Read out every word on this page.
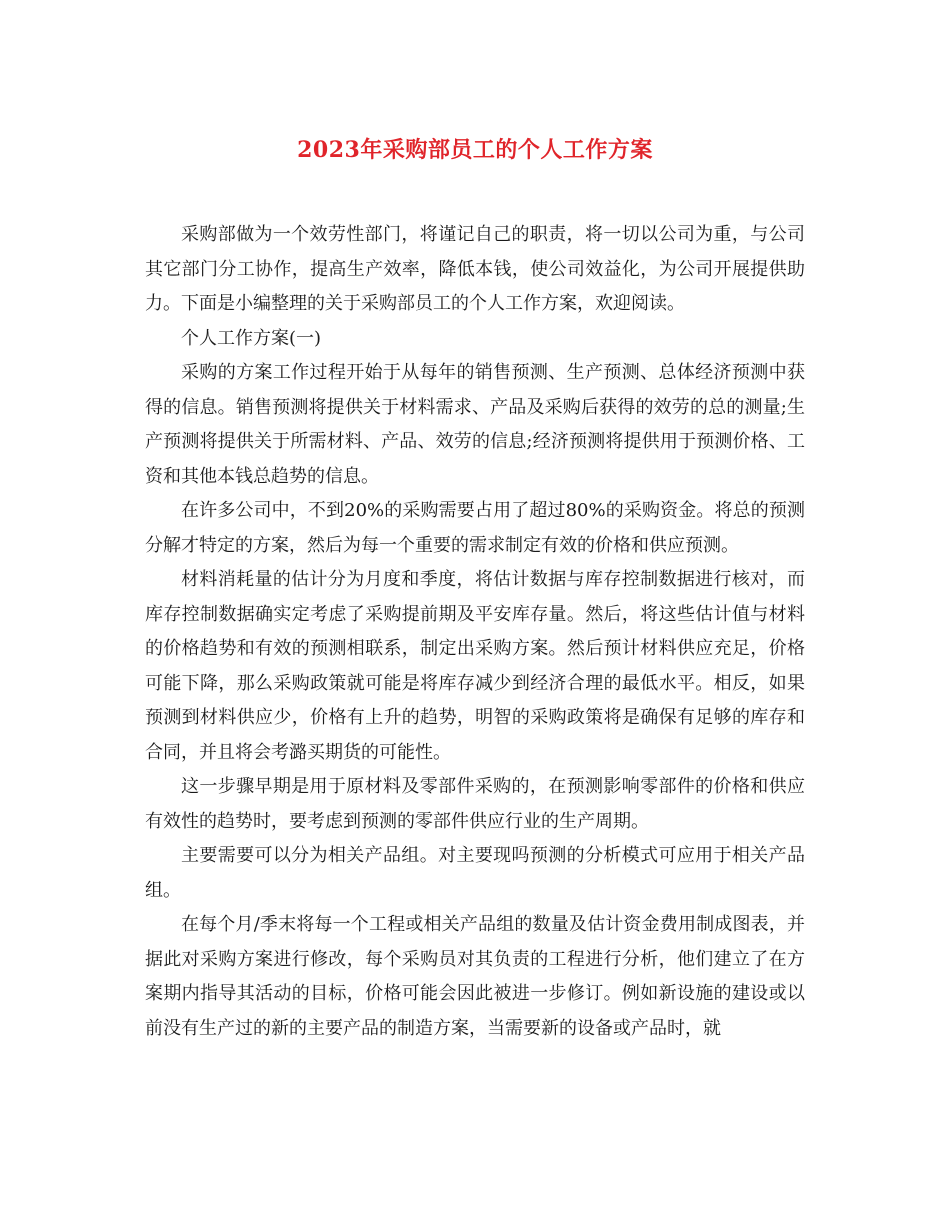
2023年采购部员工的个人工作方案

采购部做为一个效劳性部门，将谨记自己的职责，将一切以公司为重，与公司其它部门分工协作，提高生产效率，降低本钱，使公司效益化，为公司开展提供助力。下面是小编整理的关于采购部员工的个人工作方案，欢迎阅读。

个人工作方案(一)

采购的方案工作过程开始于从每年的销售预测、生产预测、总体经济预测中获得的信息。销售预测将提供关于材料需求、产品及采购后获得的效劳的总的测量;生产预测将提供关于所需材料、产品、效劳的信息;经济预测将提供用于预测价格、工资和其他本钱总趋势的信息。

在许多公司中，不到20%的采购需要占用了超过80%的采购资金。将总的预测分解才特定的方案，然后为每一个重要的需求制定有效的价格和供应预测。

材料消耗量的估计分为月度和季度，将估计数据与库存控制数据进行核对，而库存控制数据确实定考虑了采购提前期及平安库存量。然后，将这些估计值与材料的价格趋势和有效的预测相联系，制定出采购方案。然后预计材料供应充足，价格可能下降，那么采购政策就可能是将库存减少到经济合理的最低水平。相反，如果预测到材料供应少，价格有上升的趋势，明智的采购政策将是确保有足够的库存和合同，并且将会考潞买期货的可能性。

这一步骤早期是用于原材料及零部件采购的，在预测影响零部件的价格和供应有效性的趋势时，要考虑到预测的零部件供应行业的生产周期。

主要需要可以分为相关产品组。对主要现吗预测的分析模式可应用于相关产品组。

在每个月/季末将每一个工程或相关产品组的数量及估计资金费用制成图表，并据此对采购方案进行修改，每个采购员对其负责的工程进行分析，他们建立了在方案期内指导其活动的目标，价格可能会因此被进一步修订。例如新设施的建设或以前没有生产过的新的主要产品的制造方案，当需要新的设备或产品时，就
